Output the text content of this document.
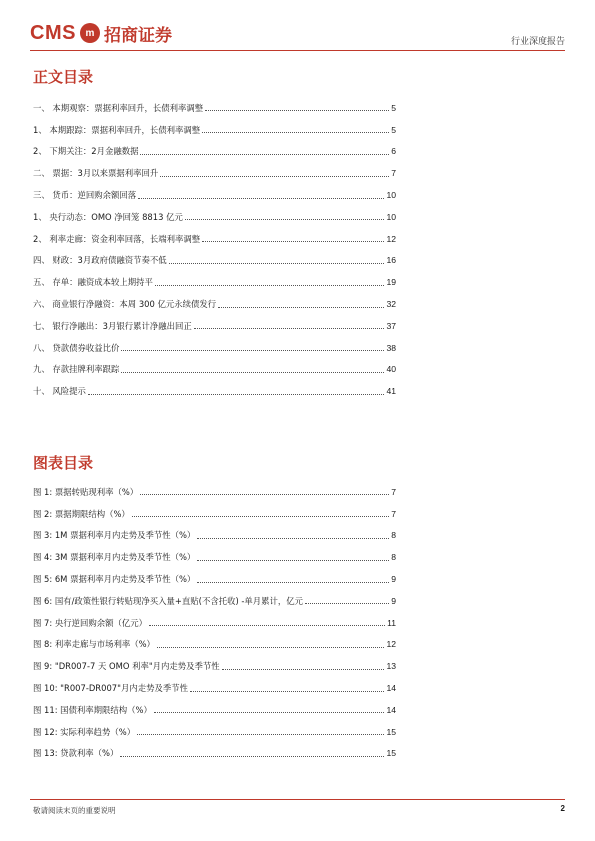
CMS m 招商证券	行业深度报告
正文目录
一、 本期观察：票据利率回升，长债利率调整	5
1、 本期跟踪：票据利率回升，长债利率调整	5
2、 下期关注：2月金融数据	6
二、 票据：3月以来票据利率回升	7
三、 货币：逆回购余额回落	10
1、 央行动态：OMO 净回笼 8813 亿元	10
2、 利率走廊：资金利率回落，长端利率调整	12
四、 财政：3月政府债融资节奏不低	16
五、 存单：融资成本较上期持平	19
六、 商业银行净融资：本周 300 亿元永续债发行	32
七、 银行净融出：3月银行累计净融出回正	37
八、 贷款债券收益比价	38
九、 存款挂牌利率跟踪	40
十、 风险提示	41
图表目录
图 1: 票据转贴现利率（%）	7
图 2: 票据期限结构（%）	7
图 3: 1M 票据利率月内走势及季节性（%）	8
图 4: 3M 票据利率月内走势及季节性（%）	8
图 5: 6M 票据利率月内走势及季节性（%）	9
图 6: 国有/政策性银行转贴现净买入量+直贴(不含托收) -单月累计，亿元	9
图 7: 央行逆回购余额（亿元）	11
图 8: 利率走廊与市场利率（%）	12
图 9: "DR007-7 天 OMO 利率"月内走势及季节性	13
图 10: "R007-DR007"月内走势及季节性	14
图 11: 国债利率期限结构（%）	14
图 12: 实际利率趋势（%）	15
图 13: 贷款利率（%）	15
敬请阅读末页的重要说明	2
